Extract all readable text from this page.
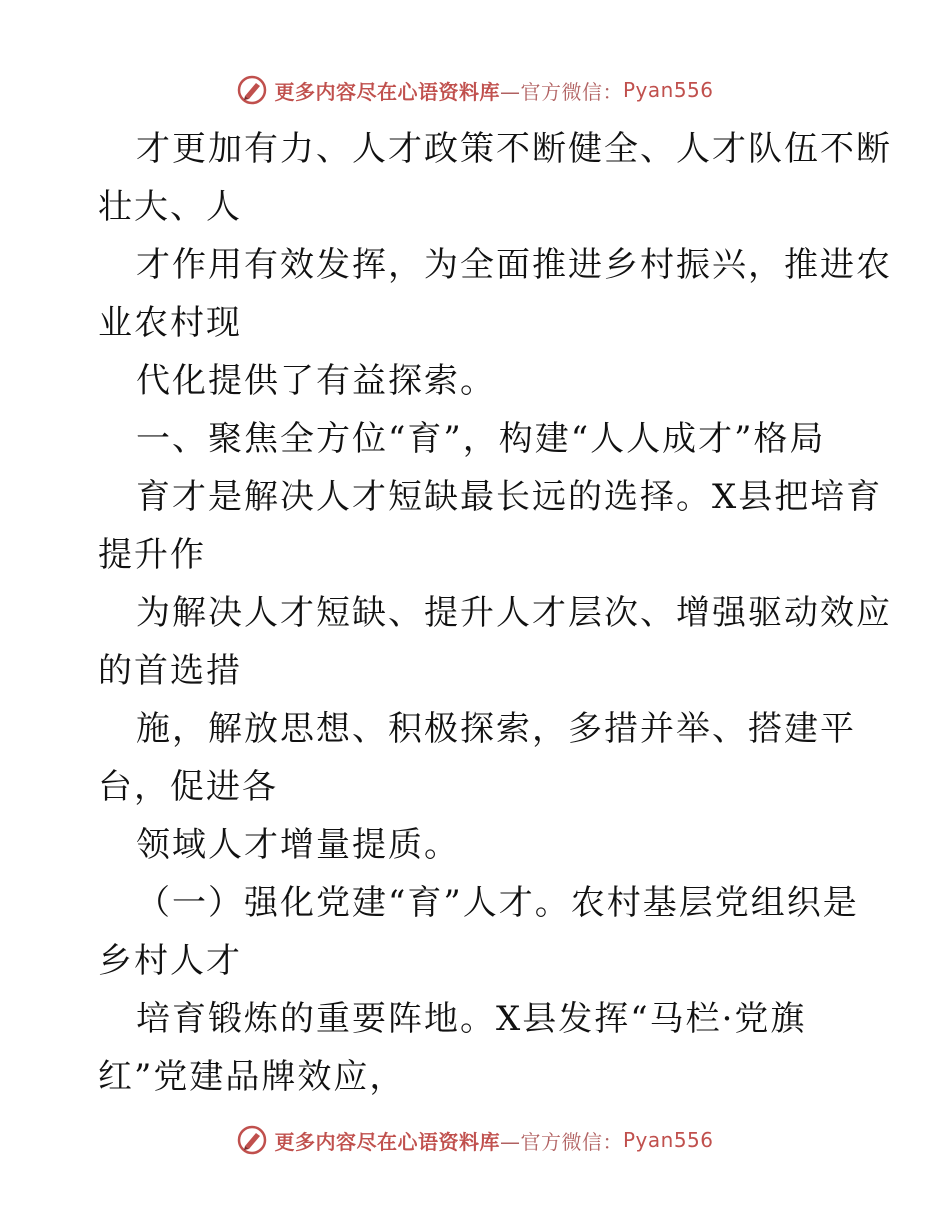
更多内容尽在心语资料库 —官方微信： Pyan556
才更加有力、人才政策不断健全、人才队伍不断
壮大、人
才作用有效发挥，为全面推进乡村振兴，推进农
业农村现
代化提供了有益探索。
一、聚焦全方位“育”，构建“人人成才”格局
育才是解决人才短缺最长远的选择。X县把培育
提升作
为解决人才短缺、提升人才层次、增强驱动效应
的首选措
施，解放思想、积极探索，多措并举、搭建平
台，促进各
领域人才增量提质。
（一）强化党建“育”人才。农村基层党组织是
乡村人才
培育锻炼的重要阵地。X县发挥“马栏·党旗
红”党建品牌效应，
更多内容尽在心语资料库 —官方微信： Pyan556
